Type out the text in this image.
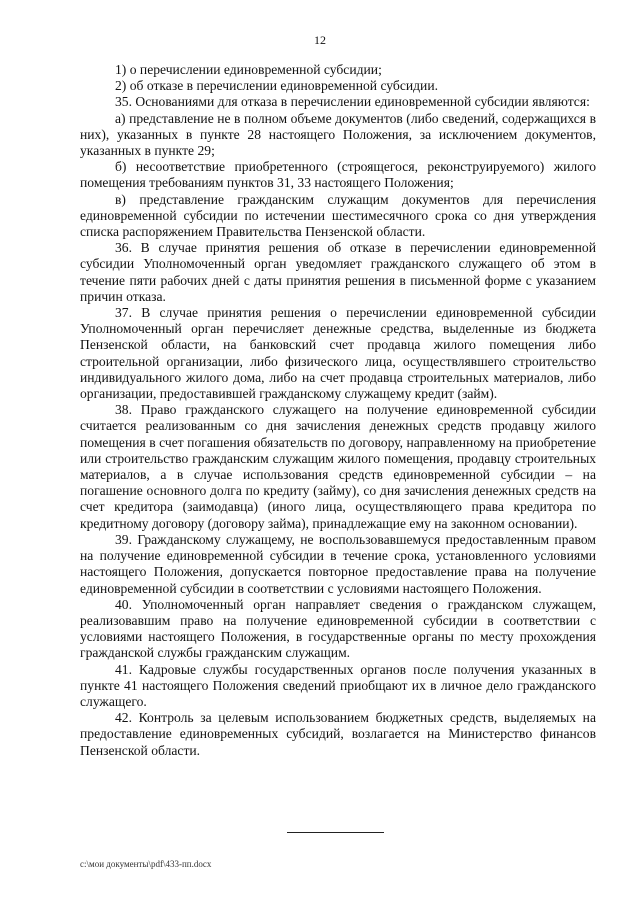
12

1) о перечислении единовременной субсидии;

2) об отказе в перечислении единовременной субсидии.

35. Основаниями для отказа в перечислении единовременной субсидии являются:

а) представление не в полном объеме документов (либо сведений, содержащихся в них), указанных в пункте 28 настоящего Положения, за исключением документов, указанных в пункте 29;

б) несоответствие приобретенного (строящегося, реконструируемого) жилого помещения требованиям пунктов 31, 33 настоящего Положения;

в) представление гражданским служащим документов для перечисления единовременной субсидии по истечении шестимесячного срока со дня утверждения списка распоряжением Правительства Пензенской области.

36. В случае принятия решения об отказе в перечислении единовременной субсидии Уполномоченный орган уведомляет гражданского служащего об этом в течение пяти рабочих дней с даты принятия решения в письменной форме с указанием причин отказа.

37. В случае принятия решения о перечислении единовременной субсидии Уполномоченный орган перечисляет денежные средства, выделенные из бюджета Пензенской области, на банковский счет продавца жилого помещения либо строительной организации, либо физического лица, осуществлявшего строительство индивидуального жилого дома, либо на счет продавца строительных материалов, либо организации, предоставившей гражданскому служащему кредит (займ).

38. Право гражданского служащего на получение единовременной субсидии считается реализованным со дня зачисления денежных средств продавцу жилого помещения в счет погашения обязательств по договору, направленному на приобретение или строительство гражданским служащим жилого помещения, продавцу строительных материалов, а в случае использования средств единовременной субсидии – на погашение основного долга по кредиту (займу), со дня зачисления денежных средств на счет кредитора (заимодавца) (иного лица, осуществляющего права кредитора по кредитному договору (договору займа), принадлежащие ему на законном основании).

39. Гражданскому служащему, не воспользовавшемуся предоставленным правом на получение единовременной субсидии в течение срока, установленного условиями настоящего Положения, допускается повторное предоставление права на получение единовременной субсидии в соответствии с условиями настоящего Положения.

40. Уполномоченный орган направляет сведения о гражданском служащем, реализовавшим право на получение единовременной субсидии в соответствии с условиями настоящего Положения, в государственные органы по месту прохождения гражданской службы гражданским служащим.

41. Кадровые службы государственных органов после получения указанных в пункте 41 настоящего Положения сведений приобщают их в личное дело гражданского служащего.

42. Контроль за целевым использованием бюджетных средств, выделяемых на предоставление единовременных субсидий, возлагается на Министерство финансов Пензенской области.

c:\мои документы\pdf\433-пп.docx
